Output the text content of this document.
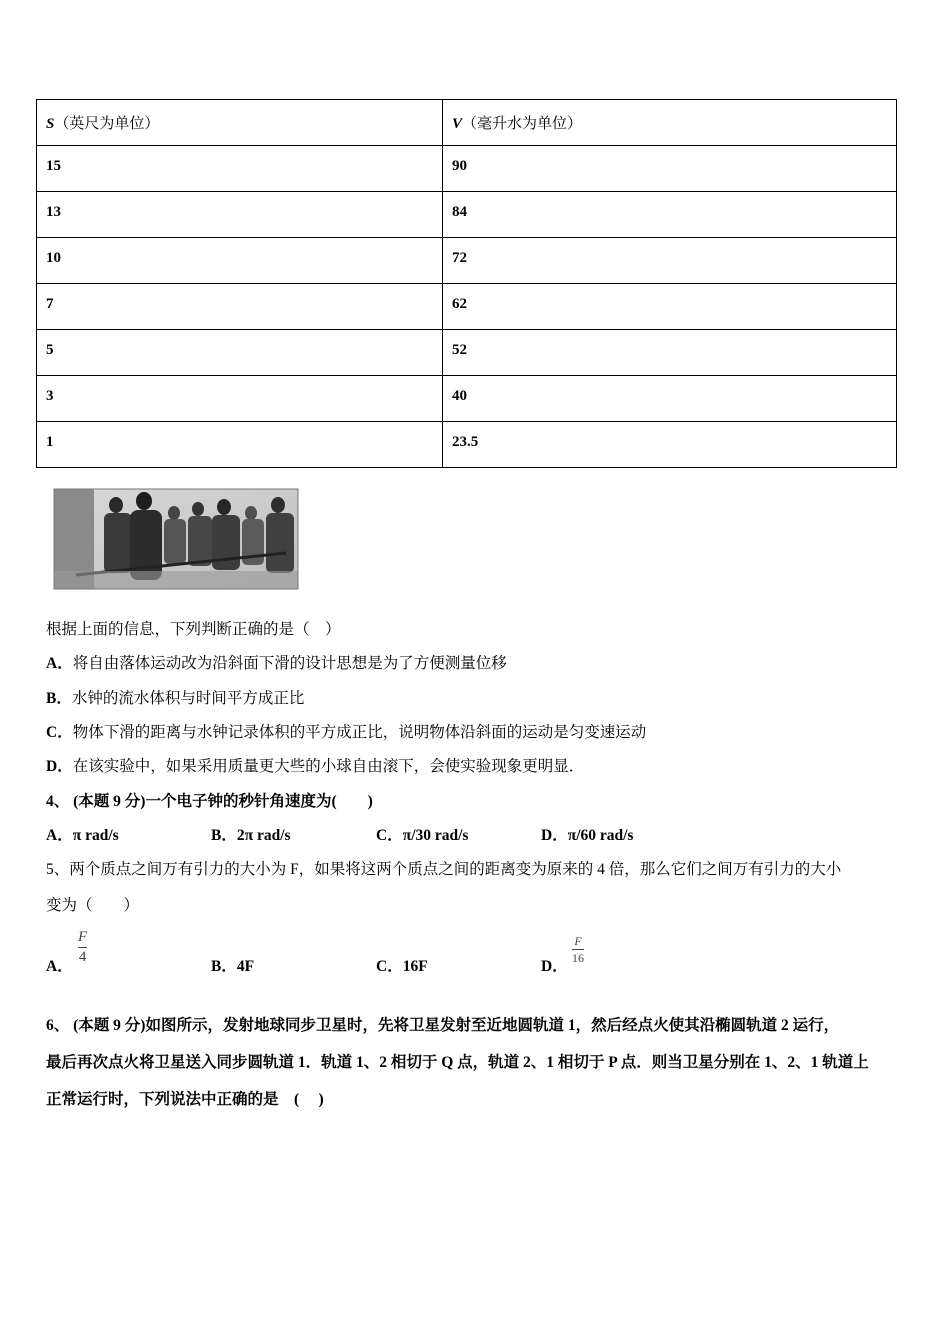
S（英尺为单位）	V（毫升水为单位）
15	90
13	84
10	72
7	62
5	52
3	40
1	23.5
根据上面的信息，下列判断正确的是（　）
A．将自由落体运动改为沿斜面下滑的设计思想是为了方便测量位移
B．水钟的流水体积与时间平方成正比
C．物体下滑的距离与水钟记录体积的平方成正比，说明物体沿斜面的运动是匀变速运动
D．在该实验中，如果采用质量更大些的小球自由滚下，会使实验现象更明显．
4、 (本题 9 分)一个电子钟的秒针角速度为(　　)
A．π rad/s	B．2π rad/s	C．π/30 rad/s	D．π/60 rad/s
5、两个质点之间万有引力的大小为 F，如果将这两个质点之间的距离变为原来的 4 倍，那么它们之间万有引力的大小
变为（　　）
A．
F
4
B．4F	C．16F	D．
F
16
6、 (本题 9 分)如图所示，发射地球同步卫星时，先将卫星发射至近地圆轨道 1，然后经点火使其沿椭圆轨道 2 运行，
最后再次点火将卫星送入同步圆轨道 1．轨道 1、2 相切于 Q 点，轨道 2、1 相切于 P 点．则当卫星分别在 1、2、1 轨道上
正常运行时，下列说法中正确的是　( 　)
